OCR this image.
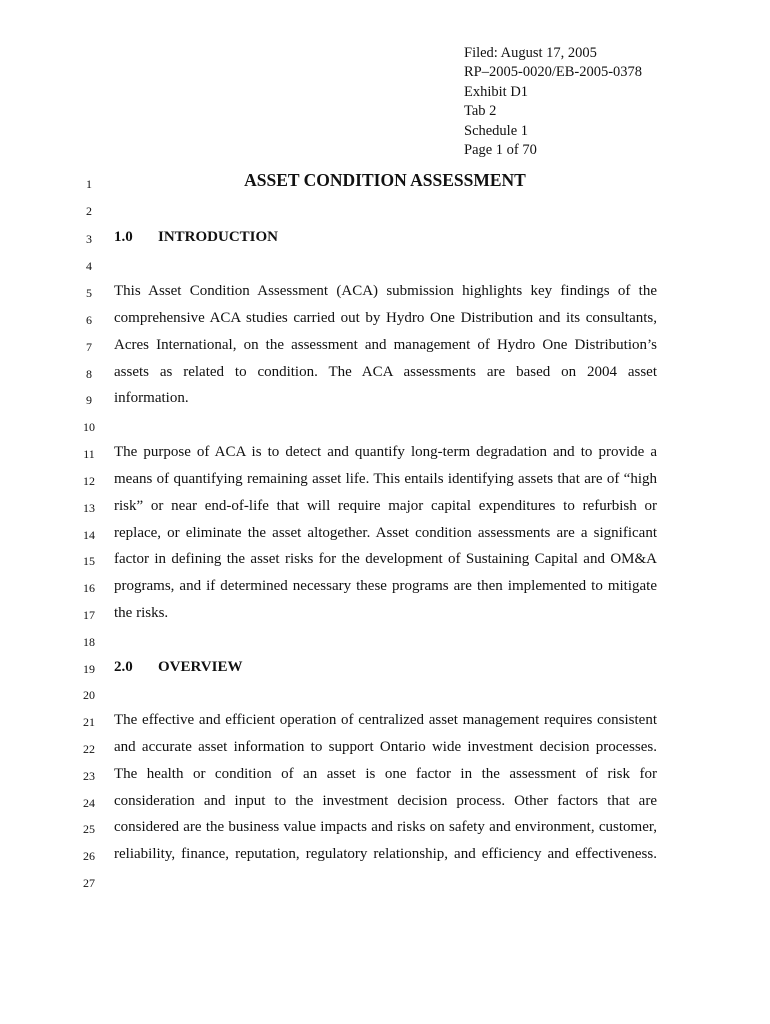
Filed: August 17, 2005
RP–2005-0020/EB-2005-0378
Exhibit D1
Tab 2
Schedule 1
Page 1 of 70
1	ASSET CONDITION ASSESSMENT
2
3 1.0 INTRODUCTION
4
5 This Asset Condition Assessment (ACA) submission highlights key findings of the
6 comprehensive ACA studies carried out by Hydro One Distribution and its consultants,
7 Acres International, on the assessment and management of Hydro One Distribution’s
8 assets as related to condition. The ACA assessments are based on 2004 asset
9 information.
10
11 The purpose of ACA is to detect and quantify long-term degradation and to provide a
12 means of quantifying remaining asset life. This entails identifying assets that are of “high
13 risk” or near end-of-life that will require major capital expenditures to refurbish or
14 replace, or eliminate the asset altogether. Asset condition assessments are a significant
15 factor in defining the asset risks for the development of Sustaining Capital and OM&A
16 programs, and if determined necessary these programs are then implemented to mitigate
17 the risks.
18
19 2.0 OVERVIEW
20
21 The effective and efficient operation of centralized asset management requires consistent
22 and accurate asset information to support Ontario wide investment decision processes.
23 The health or condition of an asset is one factor in the assessment of risk for
24 consideration and input to the investment decision process. Other factors that are
25 considered are the business value impacts and risks on safety and environment, customer,
26 reliability, finance, reputation, regulatory relationship, and efficiency and effectiveness.
27
